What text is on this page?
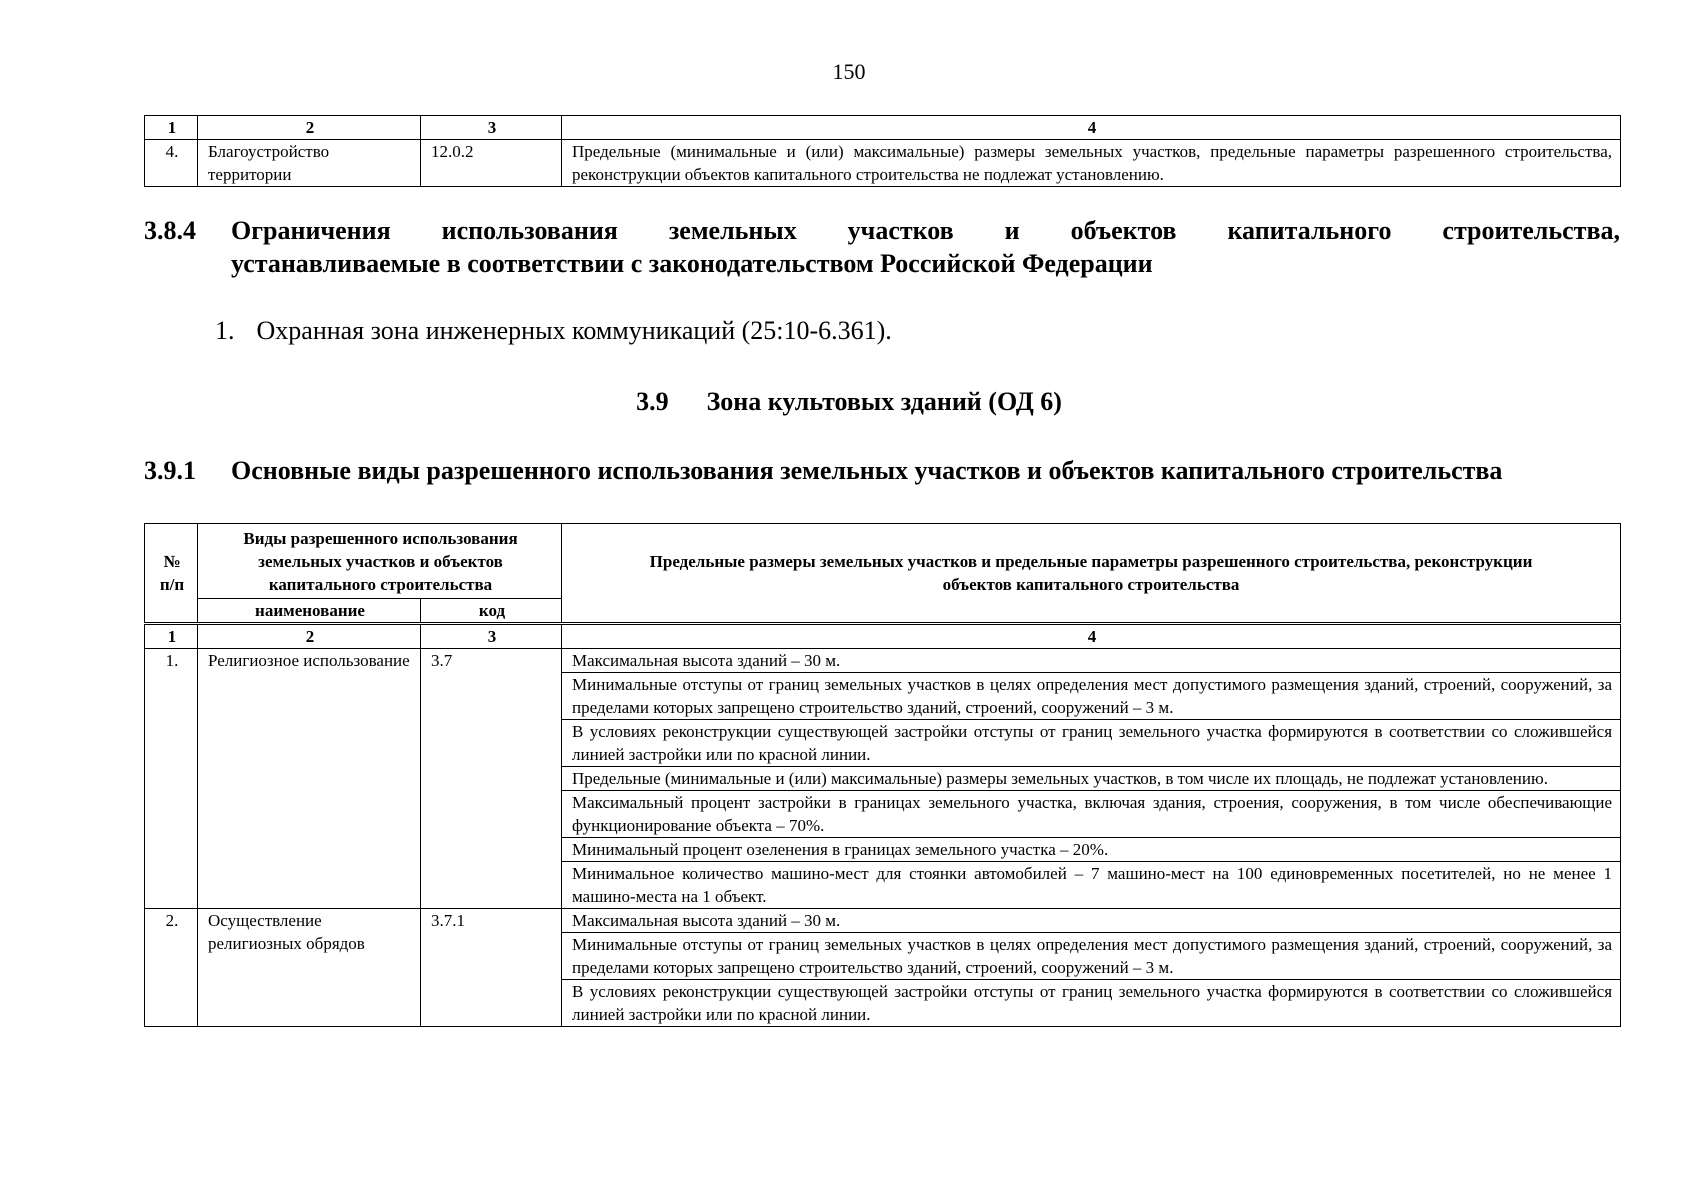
150
1	2	3	4
4.	Благоустройство территории	12.0.2	Предельные (минимальные и (или) максимальные) размеры земельных участков, предельные параметры разрешенного строительства, реконструкции объектов капитального строительства не подлежат установлению.
3.8.4 Ограничения использования земельных участков и объектов капитального строительства,
устанавливаемые в соответствии с законодательством Российской Федерации
1. Охранная зона инженерных коммуникаций (25:10-6.361).
3.9 Зона культовых зданий (ОД 6)
3.9.1 Основные виды разрешенного использования земельных участков и объектов капитального строительства
№ п/п	Виды разрешенного использования земельных участков и объектов капитального строительства		Предельные размеры земельных участков и предельные параметры разрешенного строительства, реконструкции объектов капитального строительства
	наименование	код	
1	2	3	4
1.	Религиозное использование	3.7	Максимальная высота зданий – 30 м.
			Минимальные отступы от границ земельных участков в целях определения мест допустимого размещения зданий, строений, сооружений, за пределами которых запрещено строительство зданий, строений, сооружений – 3 м.
			В условиях реконструкции существующей застройки отступы от границ земельного участка формируются в соответствии со сложившейся линией застройки или по красной линии.
			Предельные (минимальные и (или) максимальные) размеры земельных участков, в том числе их площадь, не подлежат установлению.
			Максимальный процент застройки в границах земельного участка, включая здания, строения, сооружения, в том числе обеспечивающие функционирование объекта – 70%.
			Минимальный процент озеленения в границах земельного участка – 20%.
			Минимальное количество машино-мест для стоянки автомобилей – 7 машино-мест на 100 единовременных посетителей, но не менее 1 машино-места на 1 объект.
2.	Осуществление религиозных обрядов	3.7.1	Максимальная высота зданий – 30 м.
			Минимальные отступы от границ земельных участков в целях определения мест допустимого размещения зданий, строений, сооружений, за пределами которых запрещено строительство зданий, строений, сооружений – 3 м.
			В условиях реконструкции существующей застройки отступы от границ земельного участка формируются в соответствии со сложившейся линией застройки или по красной линии.
